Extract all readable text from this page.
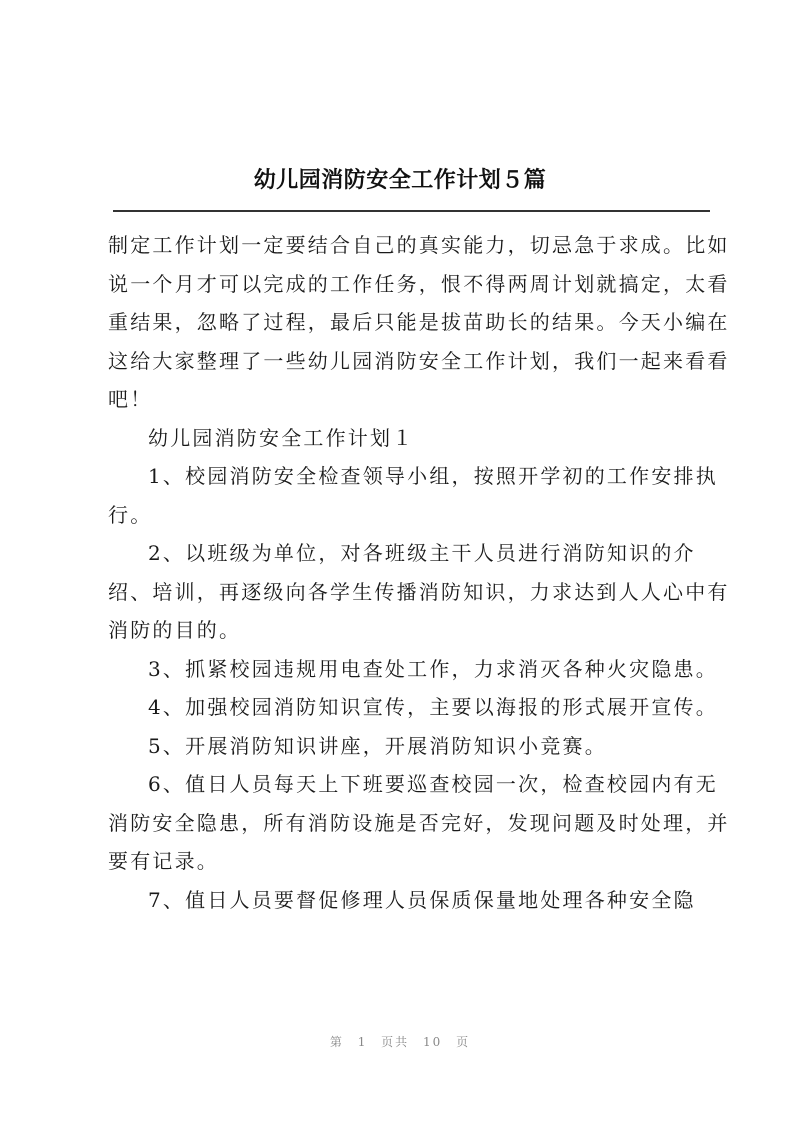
幼儿园消防安全工作计划５篇
制定工作计划一定要结合自己的真实能力，切忌急于求成。比如
说一个月才可以完成的工作任务，恨不得两周计划就搞定，太看
重结果，忽略了过程，最后只能是拔苗助长的结果。今天小编在
这给大家整理了一些幼儿园消防安全工作计划，我们一起来看看
吧！
幼儿园消防安全工作计划１
1、校园消防安全检查领导小组，按照开学初的工作安排执
行。
2、以班级为单位，对各班级主干人员进行消防知识的介
绍、培训，再逐级向各学生传播消防知识，力求达到人人心中有
消防的目的。
3、抓紧校园违规用电查处工作，力求消灭各种火灾隐患。
4、加强校园消防知识宣传，主要以海报的形式展开宣传。
5、开展消防知识讲座，开展消防知识小竞赛。
6、值日人员每天上下班要巡查校园一次，检查校园内有无
消防安全隐患，所有消防设施是否完好，发现问题及时处理，并
要有记录。
7、值日人员要督促修理人员保质保量地处理各种安全隐
第 1 页共 10 页
